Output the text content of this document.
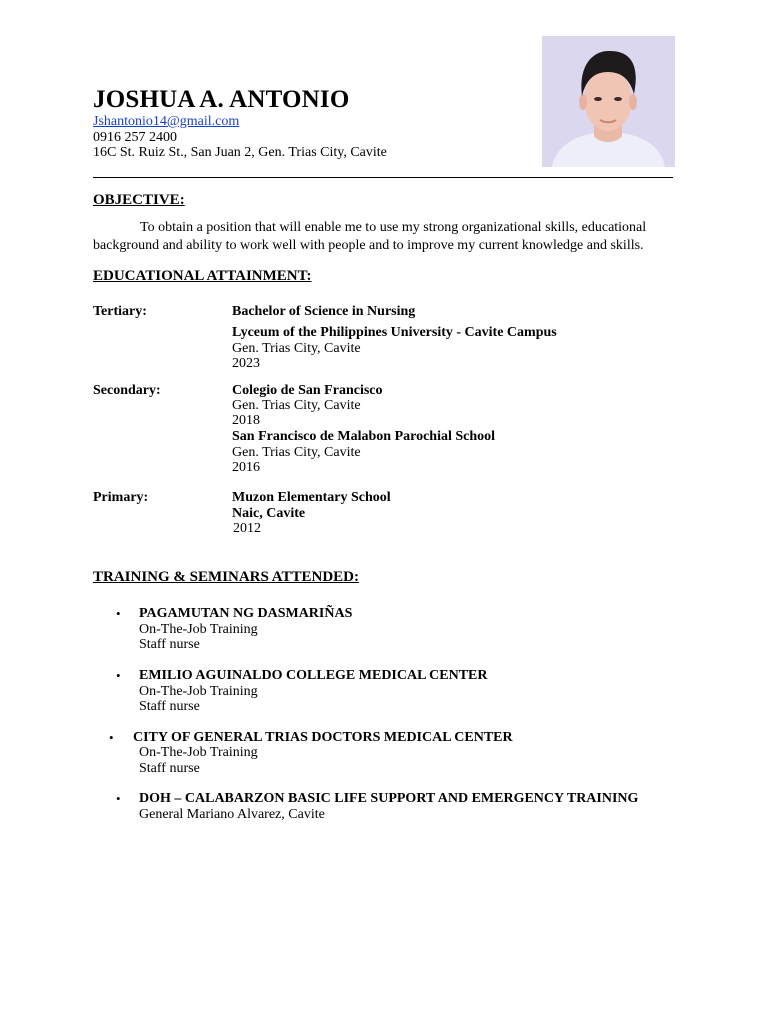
JOSHUA A. ANTONIO
Jshantonio14@gmail.com
0916 257 2400
16C St. Ruiz St., San Juan 2, Gen. Trias City, Cavite
OBJECTIVE:
To obtain a position that will enable me to use my strong organizational skills, educational background and ability to work well with people and to improve my current knowledge and skills.
EDUCATIONAL ATTAINMENT:
Tertiary:	Bachelor of Science in Nursing
Lyceum of the Philippines University - Cavite Campus
Gen. Trias City, Cavite
2023
Secondary:	Colegio de San Francisco
Gen. Trias City, Cavite
2018
San Francisco de Malabon Parochial School
Gen. Trias City, Cavite
2016
Primary:	Muzon Elementary School
Naic, Cavite
2012
TRAINING & SEMINARS ATTENDED:
• PAGAMUTAN NG DASMARIÑAS
On-The-Job Training
Staff nurse
• EMILIO AGUINALDO COLLEGE MEDICAL CENTER
On-The-Job Training
Staff nurse
• CITY OF GENERAL TRIAS DOCTORS MEDICAL CENTER
On-The-Job Training
Staff nurse
• DOH – CALABARZON BASIC LIFE SUPPORT AND EMERGENCY TRAINING
General Mariano Alvarez, Cavite
